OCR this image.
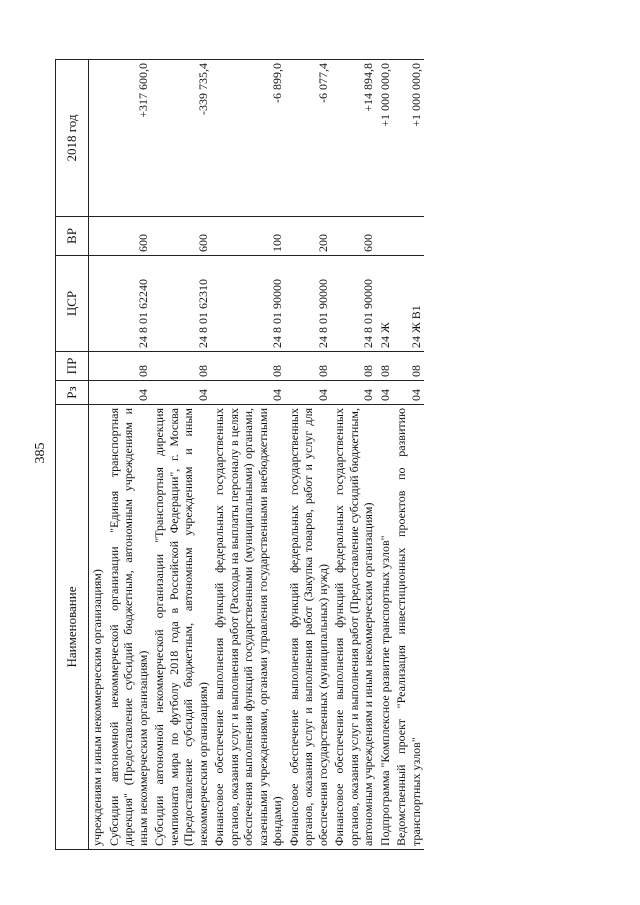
385
Наименование	Рз	ПР	ЦСР	ВР	2018 год
учреждениям и иным некоммерческим организациям)					
Субсидии автономной некоммерческой организации "Единая транспортная дирекция" (Предоставление субсидий бюджетным, автономным учреждениям и иным некоммерческим организациям)	04	08	24 8 01 62240	600	+317 600,0
Субсидии автономной некоммерческой организации "Транспортная дирекция чемпионата мира по футболу 2018 года в Российской Федерации", г. Москва (Предоставление субсидий бюджетным, автономным учреждениям и иным некоммерческим организациям)	04	08	24 8 01 62310	600	-339 735,4
Финансовое обеспечение выполнения функций федеральных государственных органов, оказания услуг и выполнения работ (Расходы на выплаты персоналу в целях обеспечения выполнения функций государственными (муниципальными) органами, казенными учреждениями, органами управления государственными внебюджетными фондами)	04	08	24 8 01 90000	100	-6 899,0
Финансовое обеспечение выполнения функций федеральных государственных органов, оказания услуг и выполнения работ (Закупка товаров, работ и услуг для обеспечения государственных (муниципальных) нужд)	04	08	24 8 01 90000	200	-6 077,4
Финансовое обеспечение выполнения функций федеральных государственных органов, оказания услуг и выполнения работ (Предоставление субсидий бюджетным, автономным учреждениям и иным некоммерческим организациям)	04	08	24 8 01 90000	600	+14 894,8
Подпрограмма "Комплексное развитие транспортных узлов"	04	08	24 Ж		+1 000 000,0
Ведомственный проект "Реализация инвестиционных проектов по развитию транспортных узлов"	04	08	24 Ж В1		+1 000 000,0
